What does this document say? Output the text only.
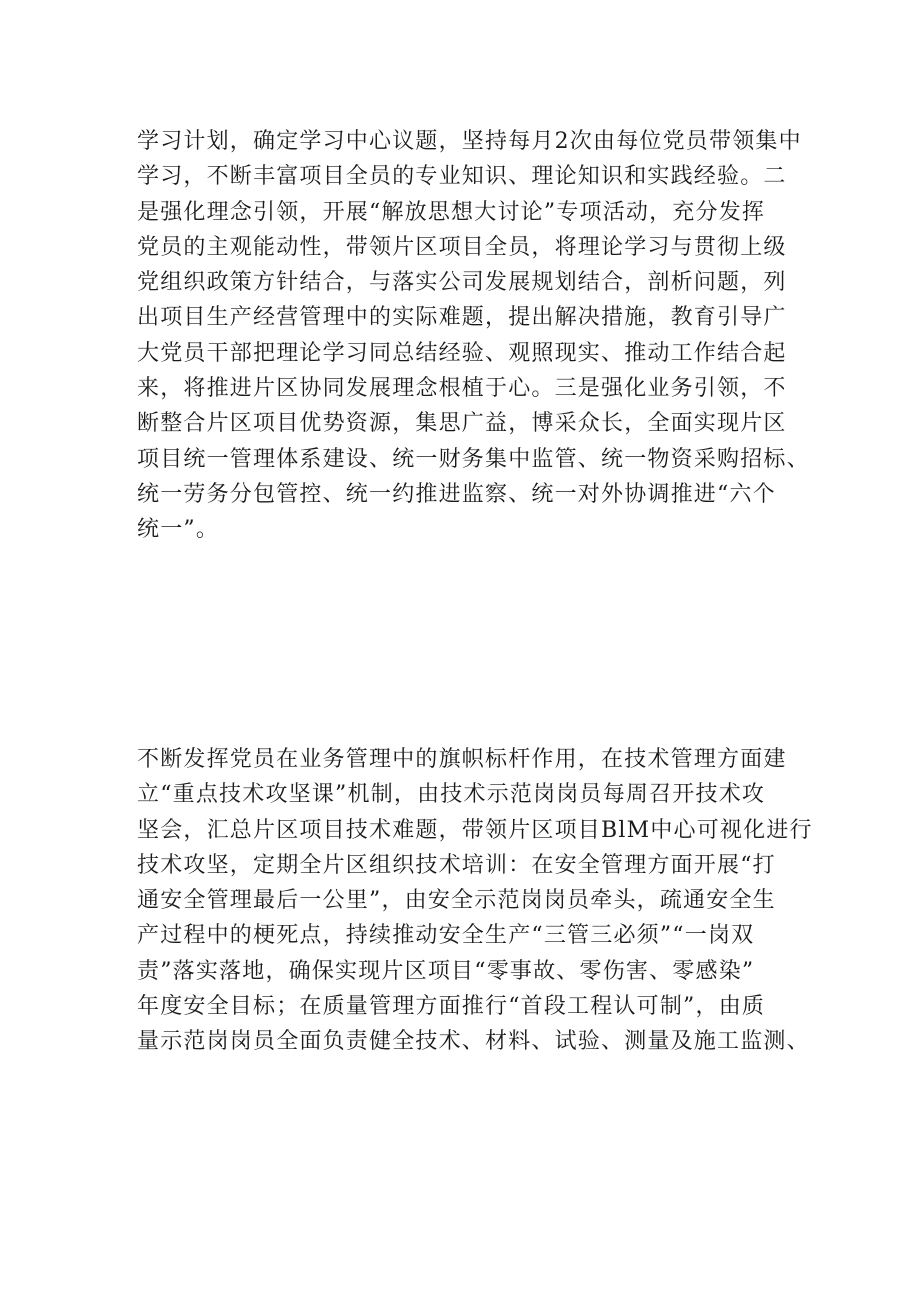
学习计划，确定学习中心议题，坚持每月2次由每位党员带领集中
学习，不断丰富项目全员的专业知识、理论知识和实践经验。二
是强化理念引领，开展“解放思想大讨论”专项活动，充分发挥
党员的主观能动性，带领片区项目全员，将理论学习与贯彻上级
党组织政策方针结合，与落实公司发展规划结合，剖析问题，列
出项目生产经营管理中的实际难题，提出解决措施，教育引导广
大党员干部把理论学习同总结经验、观照现实、推动工作结合起
来，将推进片区协同发展理念根植于心。三是强化业务引领，不
断整合片区项目优势资源，集思广益，博采众长，全面实现片区
项目统一管理体系建设、统一财务集中监管、统一物资采购招标、
统一劳务分包管控、统一约推进监察、统一对外协调推进“六个
统一”。

不断发挥党员在业务管理中的旗帜标杆作用，在技术管理方面建
立“重点技术攻坚课”机制，由技术示范岗岗员每周召开技术攻
坚会，汇总片区项目技术难题，带领片区项目BlM中心可视化进行
技术攻坚，定期全片区组织技术培训：在安全管理方面开展“打
通安全管理最后一公里”，由安全示范岗岗员牵头，疏通安全生
产过程中的梗死点，持续推动安全生产“三管三必须”“一岗双
责”落实落地，确保实现片区项目“零事故、零伤害、零感染”
年度安全目标；在质量管理方面推行“首段工程认可制”，由质
量示范岗岗员全面负责健全技术、材料、试验、测量及施工监测、
